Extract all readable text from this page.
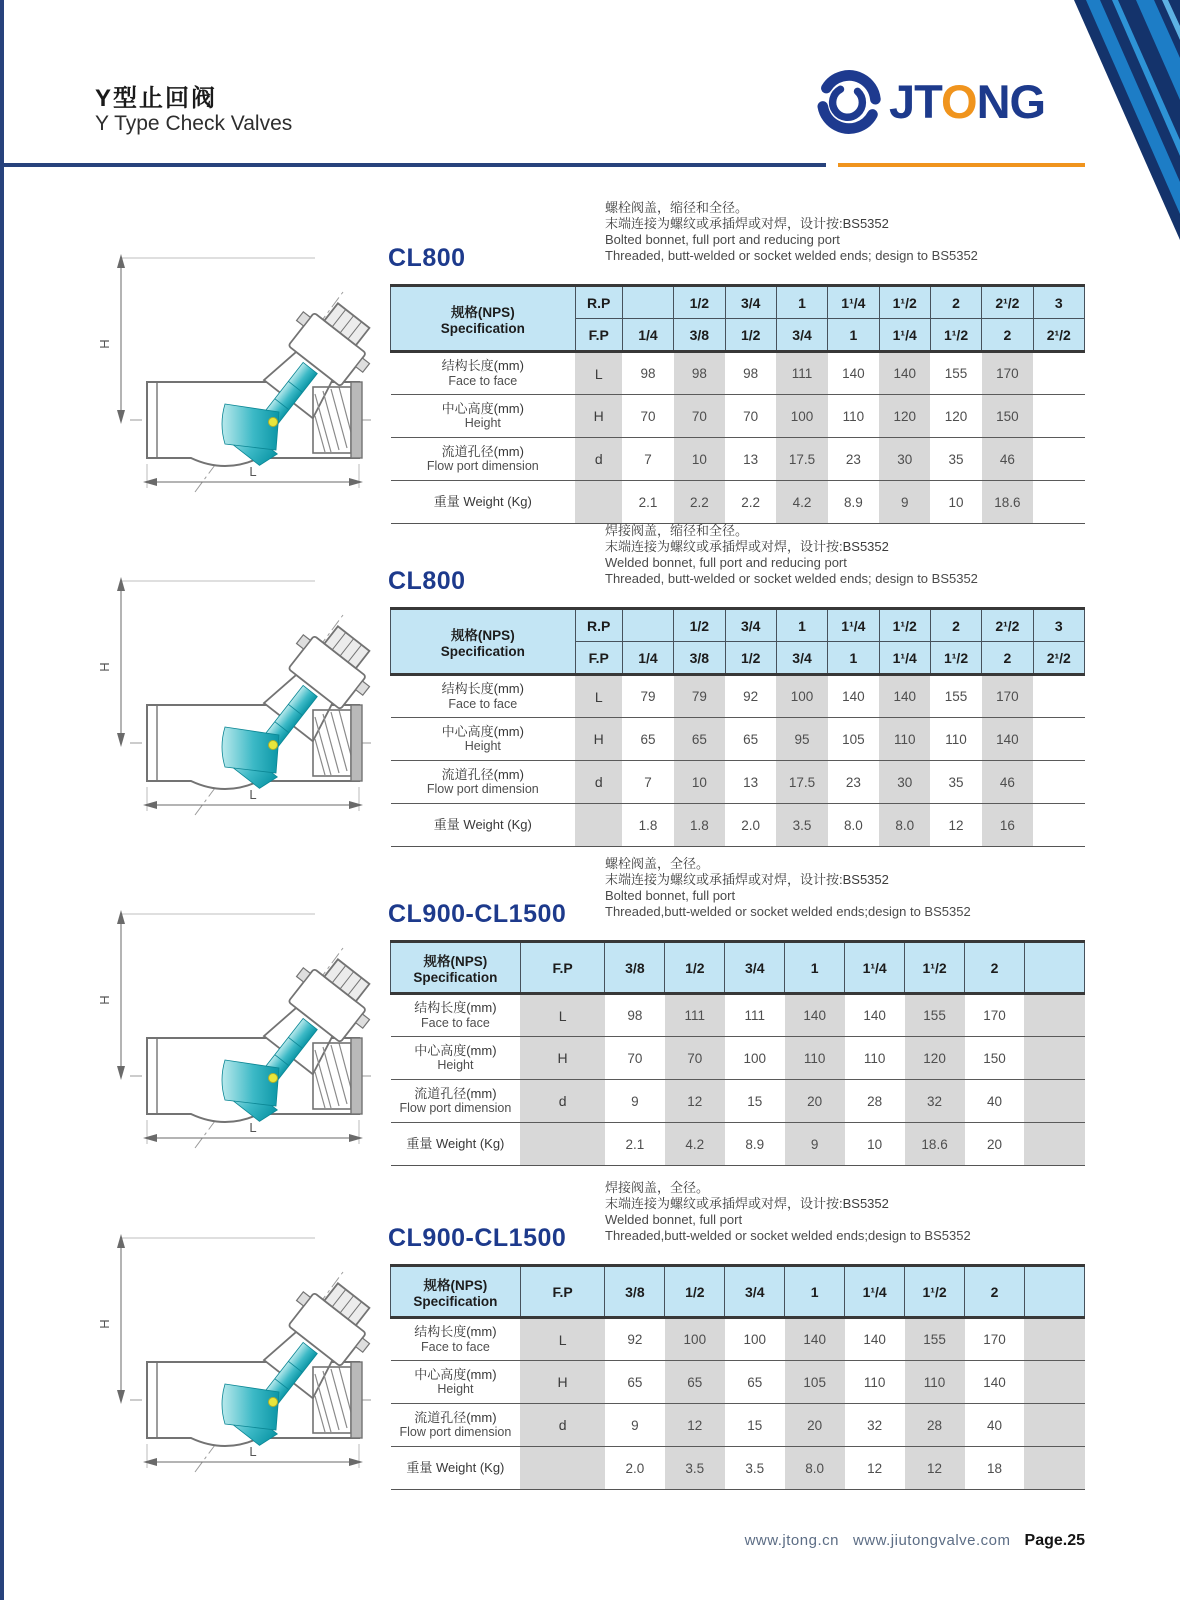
Y型止回阀
Y Type Check Valves	JTONG

螺栓阀盖，缩径和全径。

末端连接为螺纹或承插焊或对焊，设计按:BS5352

Bolted bonnet, full port and reducing port

Threaded, butt-welded or socket welded ends; design to BS5352

CL800
规格(NPS)
Specification	R.P		1/2	3/4	1	1¹/4	1¹/2	2	2¹/2	3
	F.P	1/4	3/8	1/2	3/4	1	1¹/4	1¹/2	2	2¹/2

结构长度(mm)
Face to face	L	98	98	98	111	140	140	155	170	

中心高度(mm)
Height	H	70	70	70	100	110	120	120	150	

流道孔径(mm)
Flow port dimension	d	7	10	13	17.5	23	30	35	46	

重量 Weight (Kg)		2.1	2.2	2.2	4.2	8.9	9	10	18.6	

焊接阀盖，缩径和全径。

末端连接为螺纹或承插焊或对焊，设计按:BS5352

Welded bonnet, full port and reducing port

Threaded, butt-welded or socket welded ends; design to BS5352

CL800
规格(NPS)
Specification	R.P		1/2	3/4	1	1¹/4	1¹/2	2	2¹/2	3
	F.P	1/4	3/8	1/2	3/4	1	1¹/4	1¹/2	2	2¹/2

结构长度(mm)
Face to face	L	79	79	92	100	140	140	155	170	

中心高度(mm)
Height	H	65	65	65	95	105	110	110	140	

流道孔径(mm)
Flow port dimension	d	7	10	13	17.5	23	30	35	46	

重量 Weight (Kg)		1.8	1.8	2.0	3.5	8.0	8.0	12	16	

螺栓阀盖，全径。

末端连接为螺纹或承插焊或对焊，设计按:BS5352

Bolted bonnet, full port

Threaded,butt-welded or socket welded ends;design to BS5352

CL900-CL1500
规格(NPS)
Specification	F.P	3/8	1/2	3/4	1	1¹/4	1¹/2	2	

结构长度(mm)
Face to face	L	98	111	111	140	140	155	170	

中心高度(mm)
Height	H	70	70	100	110	110	120	150	

流道孔径(mm)
Flow port dimension	d	9	12	15	20	28	32	40	

重量 Weight (Kg)		2.1	4.2	8.9	9	10	18.6	20	

焊接阀盖，全径。

末端连接为螺纹或承插焊或对焊，设计按:BS5352

Welded bonnet, full port

Threaded,butt-welded or socket welded ends;design to BS5352

CL900-CL1500
规格(NPS)
Specification	F.P	3/8	1/2	3/4	1	1¹/4	1¹/2	2	

结构长度(mm)
Face to face	L	92	100	100	140	140	155	170	

中心高度(mm)
Height	H	65	65	65	105	110	110	140	

流道孔径(mm)
Flow port dimension	d	9	12	15	20	32	28	40	

重量 Weight (Kg)		2.0	3.5	3.5	8.0	12	12	18	
www.jtong.cn www.jiutongvalve.com Page.25
